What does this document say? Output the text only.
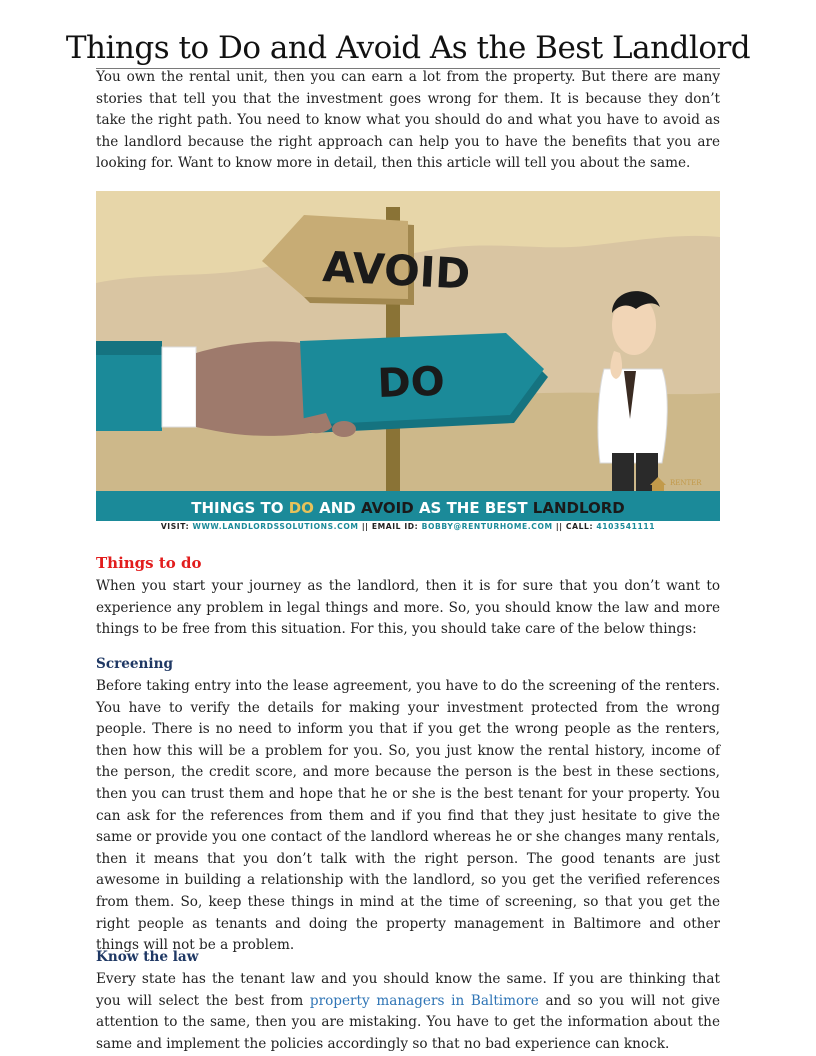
Things to Do and Avoid As the Best Landlord

You own the rental unit, then you can earn a lot from the property. But there are many stories that tell you that the investment goes wrong for them. It is because they don’t take the right path. You need to know what you should do and what you have to avoid as the landlord because the right approach can help you to have the benefits that you are looking for. Want to know more in detail, then this article will tell you about the same.

AVOID
DO
THINGS TO DO AND AVOID AS THE BEST LANDLORD
RENTER
VISIT: WWW.LANDLORDSSOLUTIONS.COM || EMAIL ID: BOBBY@RENTURHOME.COM || CALL: 4103541111
Things to do

When you start your journey as the landlord, then it is for sure that you don’t want to experience any problem in legal things and more. So, you should know the law and more things to be free from this situation. For this, you should take care of the below things:

Screening

Before taking entry into the lease agreement, you have to do the screening of the renters. You have to verify the details for making your investment protected from the wrong people. There is no need to inform you that if you get the wrong people as the renters, then how this will be a problem for you. So, you just know the rental history, income of the person, the credit score, and more because the person is the best in these sections, then you can trust them and hope that he or she is the best tenant for your property. You can ask for the references from them and if you find that they just hesitate to give the same or provide you one contact of the landlord whereas he or she changes many rentals, then it means that you don’t talk with the right person. The good tenants are just awesome in building a relationship with the landlord, so you get the verified references from them. So, keep these things in mind at the time of screening, so that you get the right people as tenants and doing the property management in Baltimore and other things will not be a problem.

Know the law

Every state has the tenant law and you should know the same. If you are thinking that you will select the best from property managers in Baltimore and so you will not give attention to the same, then you are mistaking. You have to get the information about the same and implement the policies accordingly so that no bad experience can knock.
